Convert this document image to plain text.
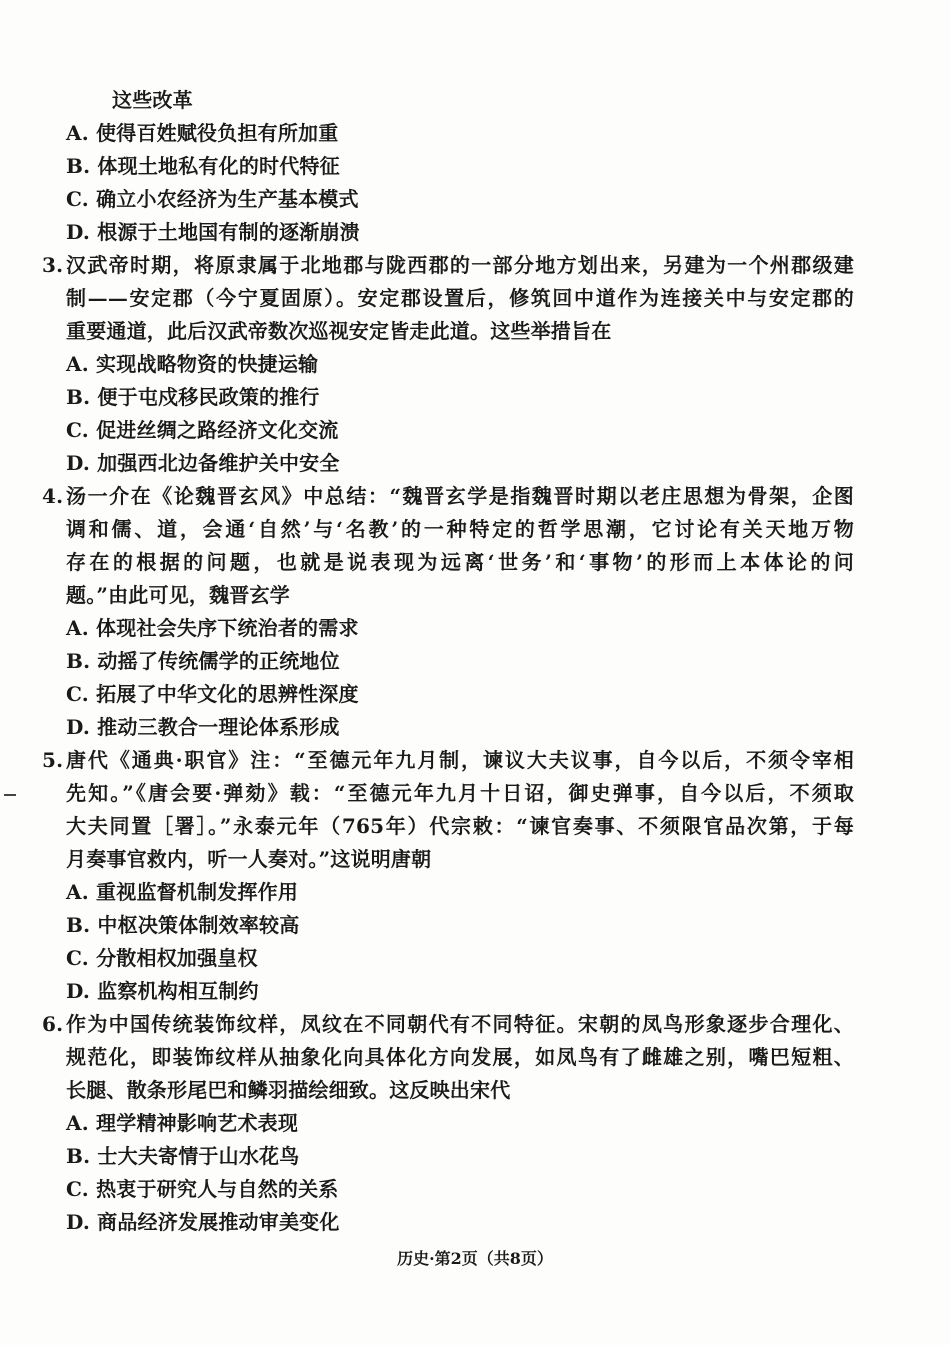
这些改革
A. 使得百姓赋役负担有所加重
B. 体现土地私有化的时代特征
C. 确立小农经济为生产基本模式
D. 根源于土地国有制的逐渐崩溃
3. 汉武帝时期，将原隶属于北地郡与陇西郡的一部分地方划出来，另建为一个州郡级建
制——安定郡（今宁夏固原）。安定郡设置后，修筑回中道作为连接关中与安定郡的
重要通道，此后汉武帝数次巡视安定皆走此道。这些举措旨在
A. 实现战略物资的快捷运输
B. 便于屯戍移民政策的推行
C. 促进丝绸之路经济文化交流
D. 加强西北边备维护关中安全
4. 汤一介在《论魏晋玄风》中总结：“魏晋玄学是指魏晋时期以老庄思想为骨架，企图
调和儒、道，会通‘自然’与‘名教’的一种特定的哲学思潮，它讨论有关天地万物
存在的根据的问题，也就是说表现为远离‘世务’和‘事物’的形而上本体论的问
题。”由此可见，魏晋玄学
A. 体现社会失序下统治者的需求
B. 动摇了传统儒学的正统地位
C. 拓展了中华文化的思辨性深度
D. 推动三教合一理论体系形成
5. 唐代《通典·职官》注：“至德元年九月制，谏议大夫议事，自今以后，不须令宰相
先知。”《唐会要·弹劾》载：“至德元年九月十日诏，御史弹事，自今以后，不须取
大夫同置［署］。”永泰元年（765年）代宗敕：“谏官奏事、不须限官品次第，于每
月奏事官救内，听一人奏对。”这说明唐朝
A. 重视监督机制发挥作用
B. 中枢决策体制效率较高
C. 分散相权加强皇权
D. 监察机构相互制约
6. 作为中国传统装饰纹样，凤纹在不同朝代有不同特征。宋朝的凤鸟形象逐步合理化、
规范化，即装饰纹样从抽象化向具体化方向发展，如凤鸟有了雌雄之别，嘴巴短粗、
长腿、散条形尾巴和鳞羽描绘细致。这反映出宋代
A. 理学精神影响艺术表现
B. 士大夫寄情于山水花鸟
C. 热衷于研究人与自然的关系
D. 商品经济发展推动审美变化
历史·第2页（共8页）
